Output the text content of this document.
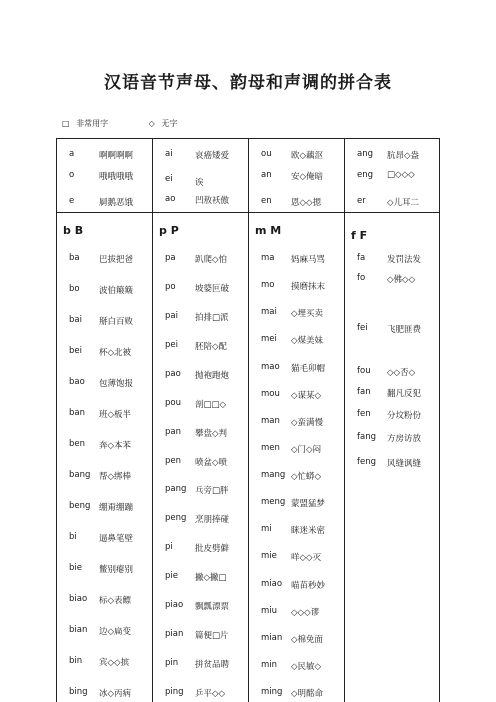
汉语音节声母、韵母和声调的拼合表
□ 非常用字	◇ 无字
a	啊啊啊啊
o	哦哦哦哦
e	屙鹅恶饿
ai	哀癌矮爱
ei	诶
ao 凹敖袄傲
ou 欧◇藕沤
an 安◇俺暗
en 恩◇◇摁
ang 肮昂◇盎
eng □◇◇◇
er	◇儿耳二
b B
ba 巴拔把爸
bo 波伯簸簸
bai 掰白百败
bei 杯◇北被
bao 包薄饱报
ban 班◇板半
ben 奔◇本苯
bang 帮◇绑棒
beng 绷甭绷蹦
bi	逼鼻笔壁
bie 鳖别瘪别
biao 标◇表鳔
bian 边◇扁变
bin 宾◇◇摈
bing 冰◇丙病
p P
pa 趴爬◇怕
po 坡婆叵破
pai 拍排□派
pei 胚陪◇配
pao 抛袍跑炮
pou 剖□□◇
pan 攀盘◇判
pen 喷盆◇喷
pang 乓旁□胖
peng 烹朋捧碰
pi	批皮劈僻
pie 撇◇撇□
piao 飘瓢漂票
pian 篇便□片
pin 拼贫品聘
ping 乒平◇◇
m M
ma 妈麻马骂
mo 摸磨抹末
mai ◇埋买卖
mei ◇煤美妹
mao 猫毛卯帽
mou ◇谋某◇
man ◇蛮满慢
men ◇门◇闷
mang ◇忙蟒◇
meng 蒙盟猛梦
mi 眯迷米密
mie 咩◇◇灭
miao 喵苗秒妙
miu ◇◇◇谬
mian ◇棉免面
min ◇民敏◇
ming ◇明酩命
f F
fa	发罚法发
fo	◇佛◇◇
fei 飞肥匪费
fou ◇◇否◇
fan 翻凡反犯
fen 分坟粉份
fang 方房访放
feng 风缝讽缝
